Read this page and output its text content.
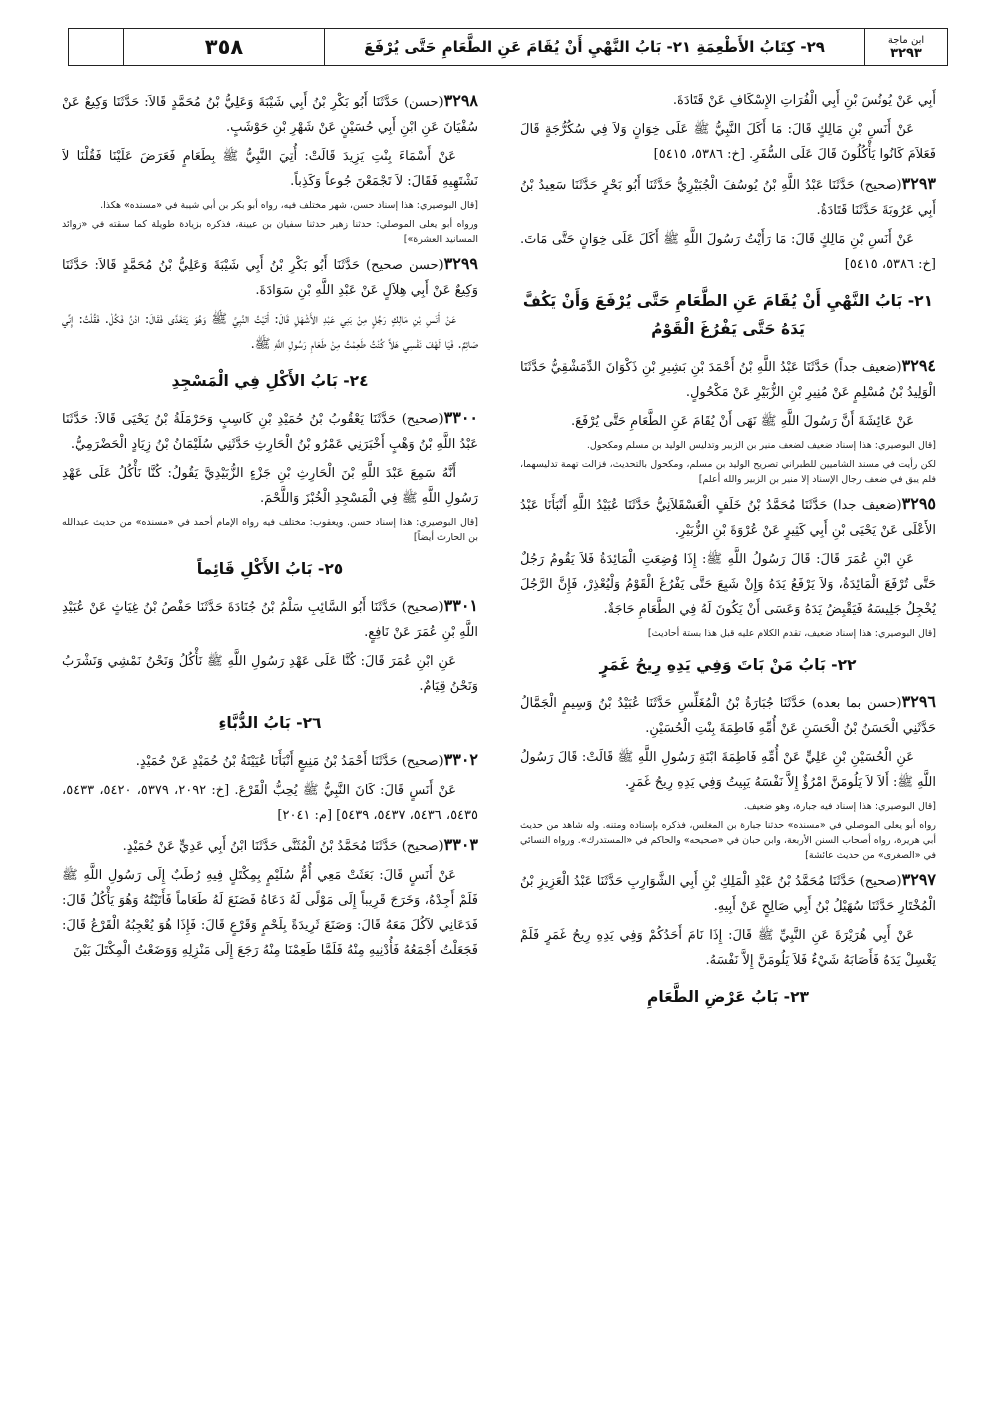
٣٥٨	٢٩- كِتَابُ الأَطْعِمَةِ ٢١- بَابُ النَّهْيِ أَنْ يُقَامَ عَنِ الطَّعَامِ حَتَّى يُرْفَعَ	ابن ماجة
٣٢٩٣

أَبِي عَنْ يُونُسَ بْنِ أَبِي الْفُرَاتِ الإِسْكَافِ عَنْ قَتَادَةَ.

عَنْ أَنَسِ بْنِ مَالِكٍ قَالَ: مَا أَكَلَ النَّبِيُّ ﷺ عَلَى خِوَانٍ وَلاَ فِي سُكُرُّجَةٍ قَالَ فَعَلاَمَ كَانُوا يَأْكُلُونَ قَالَ عَلَى السُّفَرِ. [خ: ٥٣٨٦، ٥٤١٥]

٣٢٩٣(صحيح) حَدَّثَنَا عَبْدُ اللَّهِ بْنُ يُوسُفَ الْجُبَيْرِيُّ حَدَّثَنَا أَبُو بَحْرٍ حَدَّثَنَا سَعِيدُ بْنُ أَبِي عَرُوبَةَ حَدَّثَنَا قَتَادَةُ.

عَنْ أَنَسِ بْنِ مَالِكٍ قَالَ: مَا رَأَيْتُ رَسُولَ اللَّهِ ﷺ أَكَلَ عَلَى خِوَانٍ حَتَّى مَاتَ. [خ: ٥٣٨٦، ٥٤١٥]

٢١- بَابُ النَّهْيِ أَنْ يُقَامَ عَنِ الطَّعَامِ حَتَّى يُرْفَعَ وَأَنْ يَكُفَّ يَدَهُ حَتَّى يَفْرُغَ الْقَوْمُ

٣٢٩٤(ضعيف جداً) حَدَّثَنَا عَبْدُ اللَّهِ بْنُ أَحْمَدَ بْنِ بَشِيرِ بْنِ ذَكْوَانَ الدِّمَشْقِيُّ حَدَّثَنَا الْوَلِيدُ بْنُ مُسْلِمٍ عَنْ مُنِيرِ بْنِ الزُّبَيْرِ عَنْ مَكْحُولٍ.

عَنْ عَائِشَةَ أَنَّ رَسُولَ اللَّهِ ﷺ نَهَى أَنْ يُقَامَ عَنِ الطَّعَامِ حَتَّى يُرْفَعَ.

[قال البوصيري: هذا إسناد ضعيف لضعف منير بن الزبير وتدليس الوليد بن مسلم ومكحول.

لكن رأيت في مسند الشاميين للطبراني تصريح الوليد بن مسلم، ومكحول بالتحديث، فزالت تهمة تدليسهما، فلم يبق في ضعف رجال الإسناد إلا منير بن الزبير والله أعلم]

٣٢٩٥(ضعيف جدا) حَدَّثَنَا مُحَمَّدُ بْنُ خَلَفٍ الْعَسْقَلاَنِيُّ حَدَّثَنَا عُبَيْدُ اللَّهِ أَنْبَأَنَا عَبْدُ الأَعْلَى عَنْ يَحْيَى بْنِ أَبِي كَثِيرٍ عَنْ عُرْوَةَ بْنِ الزُّبَيْرِ.

عَنِ ابْنِ عُمَرَ قَالَ: قَالَ رَسُولُ اللَّهِ ﷺ: إِذَا وُضِعَتِ الْمَائِدَةُ فَلاَ يَقُومُ رَجُلٌ حَتَّى تُرْفَعَ الْمَائِدَةُ، وَلاَ يَرْفَعُ يَدَهُ وَإِنْ شَبِعَ حَتَّى يَفْرُغَ الْقَوْمُ وَلْيُعْذِرْ، فَإِنَّ الرَّجُلَ يُخْجِلُ جَلِيسَهُ فَيَقْبِضُ يَدَهُ وَعَسَى أَنْ يَكُونَ لَهُ فِي الطَّعَامِ حَاجَةٌ.

[قال البوصيري: هذا إسناد ضعيف، تقدم الكلام عليه قبل هذا بستة أحاديث]

٢٢- بَابُ مَنْ بَاتَ وَفِي يَدِهِ رِيحُ غَمَرٍ

٣٢٩٦(حسن بما بعده) حَدَّثَنَا جُبَارَةُ بْنُ الْمُغَلِّسِ حَدَّثَنَا عُبَيْدُ بْنُ وَسِيمٍ الْجَمَّالُ حَدَّثَنِي الْحَسَنُ بْنُ الْحَسَنِ عَنْ أُمِّهِ فَاطِمَةَ بِنْتِ الْحُسَيْنِ.

عَنِ الْحُسَيْنِ بْنِ عَلِيٍّ عَنْ أُمِّهِ فَاطِمَةَ ابْنَةِ رَسُولِ اللَّهِ ﷺ قَالَتْ: قَالَ رَسُولُ اللَّهِ ﷺ: أَلاَ لاَ يَلُومَنَّ امْرُؤٌ إِلاَّ نَفْسَهُ يَبِيتُ وَفِي يَدِهِ رِيحُ غَمَرٍ.

[قال البوصيري: هذا إسناد فيه جبارة، وهو ضعيف.

رواه أبو يعلى الموصلي في «مسنده» حدثنا جبارة بن المغلس، فذكره بإسناده ومتنه. وله شاهد من حديث أبي هريرة، رواه أصحاب السنن الأربعة، وابن حبان في «صحيحه» والحاكم في «المستدرك». ورواه النسائي في «الصغرى» من حديث عائشة]

٣٢٩٧(صحيح) حَدَّثَنَا مُحَمَّدُ بْنُ عَبْدِ الْمَلِكِ بْنِ أَبِي الشَّوَارِبِ حَدَّثَنَا عَبْدُ الْعَزِيزِ بْنُ الْمُخْتَارِ حَدَّثَنَا سُهَيْلُ بْنُ أَبِي صَالِحٍ عَنْ أَبِيهِ.

عَنْ أَبِي هُرَيْرَةَ عَنِ النَّبِيِّ ﷺ قَالَ: إِذَا نَامَ أَحَدُكُمْ وَفِي يَدِهِ رِيحُ غَمَرٍ فَلَمْ يَغْسِلْ يَدَهُ فَأَصَابَهُ شَيْءٌ فَلاَ يَلُومَنَّ إِلاَّ نَفْسَهُ.

٢٣- بَابُ عَرْضِ الطَّعَامِ

٣٢٩٨(حسن) حَدَّثَنَا أَبُو بَكْرِ بْنُ أَبِي شَيْبَةَ وَعَلِيُّ بْنُ مُحَمَّدٍ قَالاَ: حَدَّثَنَا وَكِيعٌ عَنْ سُفْيَانَ عَنِ ابْنِ أَبِي حُسَيْنٍ عَنْ شَهْرِ بْنِ حَوْشَبٍ.

عَنْ أَسْمَاءَ بِنْتِ يَزِيدَ قَالَتْ: أُتِيَ النَّبِيُّ ﷺ بِطَعَامٍ فَعَرَضَ عَلَيْنَا فَقُلْنَا لاَ نَشْتَهِيهِ فَقَالَ: لاَ تَجْمَعْنَ جُوعاً وَكَذِباً.

[قال البوصيري: هذا إسناد حسن، شهر مختلف فيه، رواه أبو بكر بن أبي شيبة في «مسنده» هكذا.

ورواه أبو يعلى الموصلي: حدثنا زهير حدثنا سفيان بن عيينة، فذكره بزيادة طويلة كما سقته في «زوائد المسانيد العشرة»]

٣٢٩٩(حسن صحيح) حَدَّثَنَا أَبُو بَكْرِ بْنُ أَبِي شَيْبَةَ وَعَلِيُّ بْنُ مُحَمَّدٍ قَالاَ: حَدَّثَنَا وَكِيعٌ عَنْ أَبِي هِلاَلٍ عَنْ عَبْدِ اللَّهِ بْنِ سَوَادَةَ.

عَنْ أَنَسِ بْنِ مَالِكٍ رَجُلٍ مِنْ بَنِي عَبْدِ الأَشْهَلِ قَالَ: أَتَيْتُ النَّبِيَّ ﷺ وَهُوَ يَتَغَدَّى فَقَالَ: ادْنُ فَكُلْ. فَقُلْتُ: إِنِّي صَائِمٌ. فَيَا لَهْفَ نَفْسِي هَلاَّ كُنْتُ طَعِمْتُ مِنْ طَعَامِ رَسُولِ اللَّهِ ﷺ.

٢٤- بَابُ الأَكْلِ فِي الْمَسْجِدِ

٣٣٠٠(صحيح) حَدَّثَنَا يَعْقُوبُ بْنُ حُمَيْدِ بْنِ كَاسِبٍ وَحَرْمَلَةُ بْنُ يَحْيَى قَالاَ: حَدَّثَنَا عَبْدُ اللَّهِ بْنُ وَهْبٍ أَخْبَرَنِي عَمْرُو بْنُ الْحَارِثِ حَدَّثَنِي سُلَيْمَانُ بْنُ زِيَادٍ الْحَضْرَمِيُّ.

أَنَّهُ سَمِعَ عَبْدَ اللَّهِ بْنَ الْحَارِثِ بْنِ جَزْءٍ الزُّبَيْدِيَّ يَقُولُ: كُنَّا نَأْكُلُ عَلَى عَهْدِ رَسُولِ اللَّهِ ﷺ فِي الْمَسْجِدِ الْخُبْزَ وَاللَّحْمَ.

[قال البوصيري: هذا إسناد حسن. ويعقوب: مختلف فيه رواه الإمام أحمد في «مسنده» من حديث عبدالله بن الحارث أيضاً]

٢٥- بَابُ الأَكْلِ قَائِماً

٣٣٠١(صحيح) حَدَّثَنَا أَبُو السَّائِبِ سَلْمُ بْنُ جُنَادَةَ حَدَّثَنَا حَفْصُ بْنُ غِيَاثٍ عَنْ عُبَيْدِ اللَّهِ بْنِ عُمَرَ عَنْ نَافِعٍ.

عَنِ ابْنِ عُمَرَ قَالَ: كُنَّا عَلَى عَهْدِ رَسُولِ اللَّهِ ﷺ نَأْكُلُ وَنَحْنُ نَمْشِي وَنَشْرَبُ وَنَحْنُ قِيَامٌ.

٢٦- بَابُ الدُّبَّاءِ

٣٣٠٢(صحيح) حَدَّثَنَا أَحْمَدُ بْنُ مَنِيعٍ أَنْبَأَنَا عُيَيْنَةُ بْنُ حُمَيْدٍ عَنْ حُمَيْدٍ.

عَنْ أَنَسٍ قَالَ: كَانَ النَّبِيُّ ﷺ يُحِبُّ الْقَرْعَ. [خ: ٢٠٩٢، ٥٣٧٩، ٥٤٢٠، ٥٤٣٣، ٥٤٣٥، ٥٤٣٦، ٥٤٣٧، ٥٤٣٩] [م: ٢٠٤١]

٣٣٠٣(صحيح) حَدَّثَنَا مُحَمَّدُ بْنُ الْمُثَنَّى حَدَّثَنَا ابْنُ أَبِي عَدِيٍّ عَنْ حُمَيْدٍ.

عَنْ أَنَسٍ قَالَ: بَعَثَتْ مَعِي أُمُّ سُلَيْمٍ بِمِكْتَلٍ فِيهِ رُطَبٌ إِلَى رَسُولِ اللَّهِ ﷺ فَلَمْ أَجِدْهُ، وَخَرَجَ قَرِيباً إِلَى مَوْلًى لَهُ دَعَاهُ فَصَنَعَ لَهُ طَعَاماً فَأَتَيْتُهُ وَهُوَ يَأْكُلُ قَالَ: فَدَعَانِي لآكُلَ مَعَهُ قَالَ: وَصَنَعَ ثَرِيدَةً بِلَحْمٍ وَقَرْعٍ قَالَ: فَإِذَا هُوَ يُعْجِبُهُ الْقَرْعُ قَالَ: فَجَعَلْتُ أَجْمَعُهُ فَأُدْنِيهِ مِنْهُ فَلَمَّا طَعِمْنَا مِنْهُ رَجَعَ إِلَى مَنْزِلِهِ وَوَضَعْتُ الْمِكْتَلَ بَيْنَ
